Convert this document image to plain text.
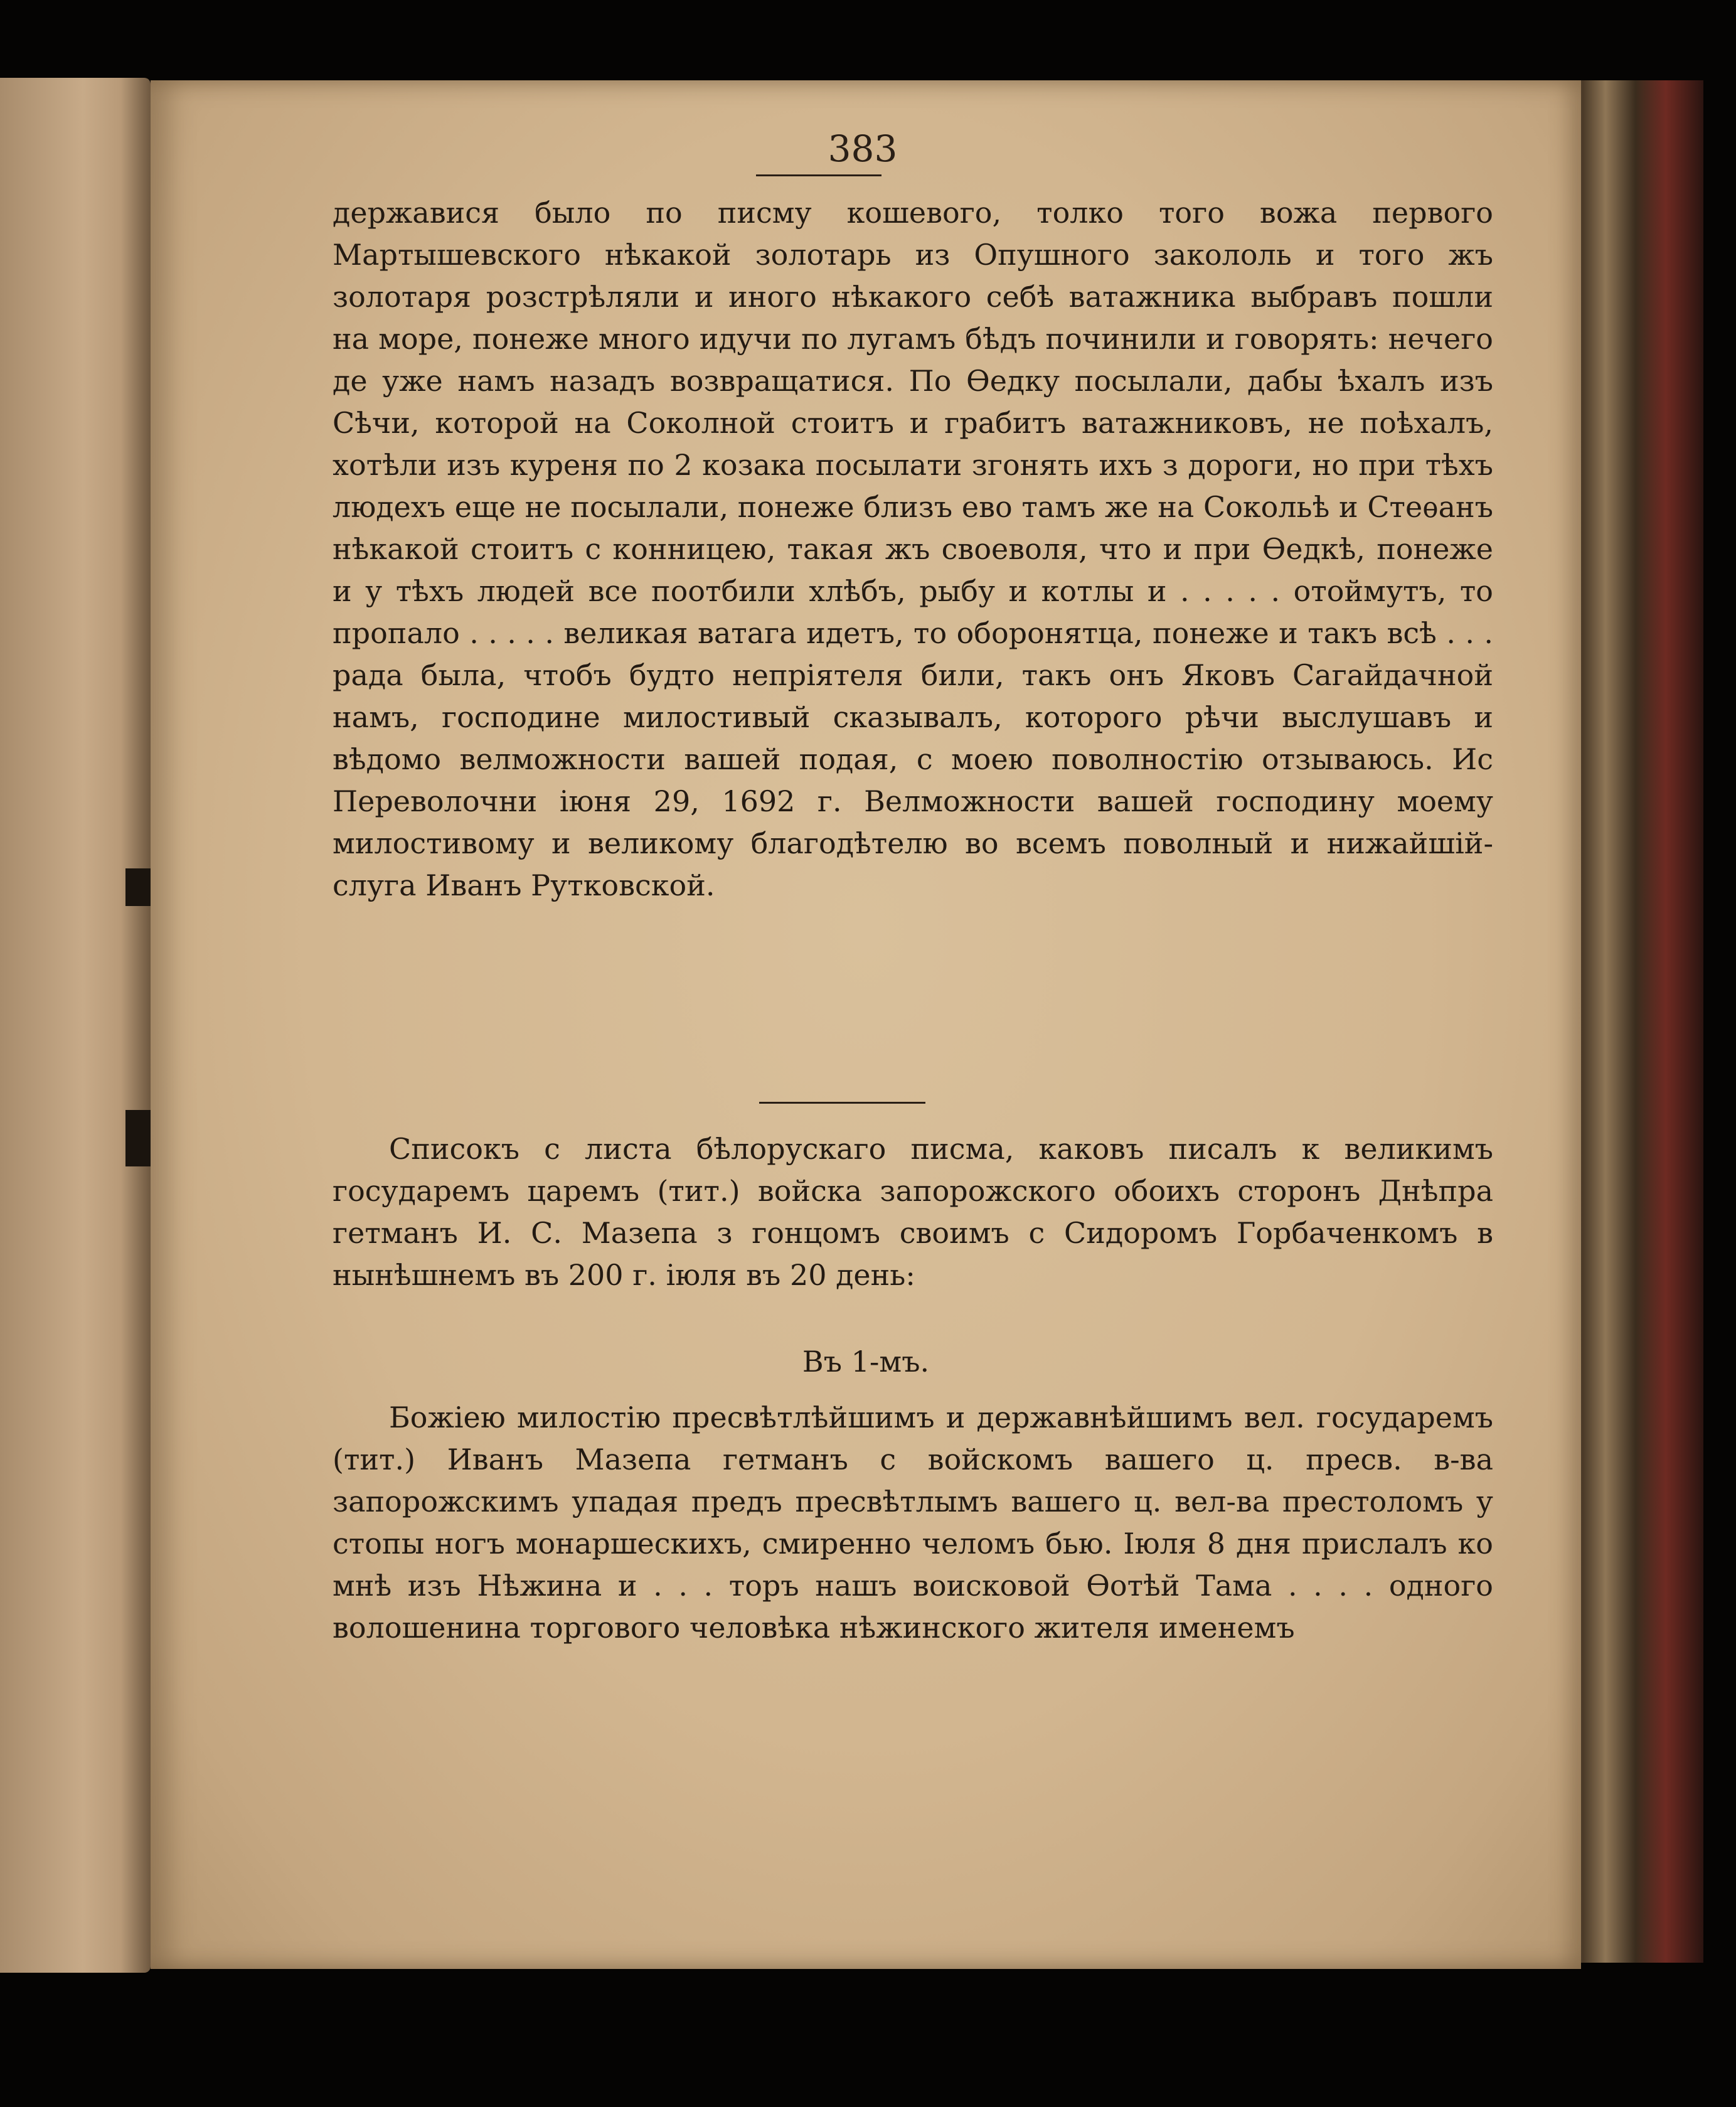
383
державися было по писму кошевого, толко того вожа первого Мартышевского нѣкакой золотарь из Опушного закололь и того жъ золотаря розстрѣляли и иного нѣкакого себѣ ватажника выбравъ пошли на море, понеже много идучи по лугамъ бѣдъ починили и говорять: нечего де уже намъ назадъ возвращатися. По Ѳедку посылали, дабы ѣхалъ изъ Сѣчи, которой на Соколной стоитъ и грабитъ ватажниковъ, не поѣхалъ, хотѣли изъ куреня по 2 козака посылати згонять ихъ з дороги, но при тѣхъ людехъ еще не посылали, понеже близъ ево тамъ же на Сокольѣ и Стеѳанъ нѣкакой стоитъ с конницею, такая жъ своеволя, что и при Ѳедкѣ, понеже и у тѣхъ людей все поотбили хлѣбъ, рыбу и котлы и . . . . . отоймутъ, то пропало . . . . . великая ватага идетъ, то оборонятца, понеже и такъ всѣ . . . рада была, чтобъ будто непріятеля били, такъ онъ Яковъ Сагайдачной намъ, господине милостивый сказывалъ, которого рѣчи выслушавъ и вѣдомо велможности вашей подая, с моею поволностію отзываюсь. Ис Переволочни іюня 29, 1692 г. Велможности вашей господину моему милостивому и великому благодѣтелю во всемъ поволный и нижайшій- слуга Иванъ Рутковской.
Списокъ с листа бѣлорускаго писма, каковъ писалъ к великимъ государемъ царемъ (тит.) войска запорожского обоихъ сторонъ Днѣпра гетманъ И. С. Мазепа з гонцомъ своимъ с Сидоромъ Горбаченкомъ в нынѣшнемъ въ 200 г. іюля въ 20 день:
Въ 1-мъ.
Божіею милостію пресвѣтлѣйшимъ и державнѣйшимъ вел. государемъ (тит.) Иванъ Мазепа гетманъ с войскомъ вашего ц. пресв. в-ва запорожскимъ упадая предъ пресвѣтлымъ вашего ц. вел-ва престоломъ у стопы ногъ монаршескихъ, смиренно челомъ бью. Іюля 8 дня прислалъ ко мнѣ изъ Нѣжина и . . . торъ нашъ воисковой Ѳотѣй Тама . . . . одного волошенина торгового человѣка нѣжинского жителя именемъ
